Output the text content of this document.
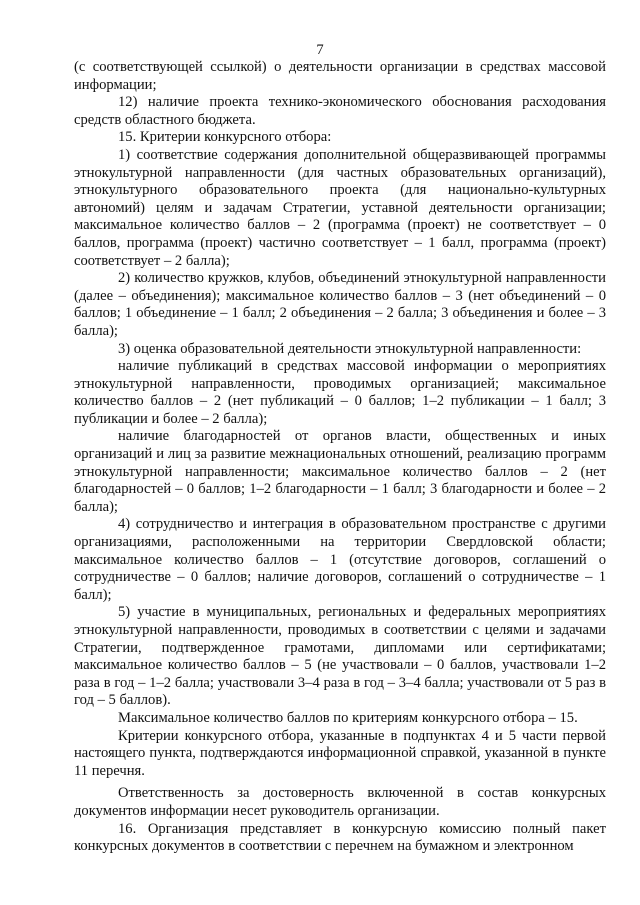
7

(с соответствующей ссылкой) о деятельности организации в средствах массовой информации;

12) наличие проекта технико-экономического обоснования расходования средств областного бюджета.

15. Критерии конкурсного отбора:

1) соответствие содержания дополнительной общеразвивающей программы этнокультурной направленности (для частных образовательных организаций), этнокультурного образовательного проекта (для национально-культурных автономий) целям и задачам Стратегии, уставной деятельности организации; максимальное количество баллов – 2 (программа (проект) не соответствует – 0 баллов, программа (проект) частично соответствует – 1 балл, программа (проект) соответствует – 2 балла);

2) количество кружков, клубов, объединений этнокультурной направленности (далее – объединения); максимальное количество баллов – 3 (нет объединений – 0 баллов; 1 объединение – 1 балл; 2 объединения – 2 балла; 3 объединения и более – 3 балла);

3) оценка образовательной деятельности этнокультурной направленности:

наличие публикаций в средствах массовой информации о мероприятиях этнокультурной направленности, проводимых организацией; максимальное количество баллов – 2 (нет публикаций – 0 баллов; 1–2 публикации – 1 балл; 3 публикации и более – 2 балла);

наличие благодарностей от органов власти, общественных и иных организаций и лиц за развитие межнациональных отношений, реализацию программ этнокультурной направленности; максимальное количество баллов – 2 (нет благодарностей – 0 баллов; 1–2 благодарности – 1 балл; 3 благодарности и более – 2 балла);

4) сотрудничество и интеграция в образовательном пространстве с другими организациями, расположенными на территории Свердловской области; максимальное количество баллов – 1 (отсутствие договоров, соглашений о сотрудничестве – 0 баллов; наличие договоров, соглашений о сотрудничестве – 1 балл);

5) участие в муниципальных, региональных и федеральных мероприятиях этнокультурной направленности, проводимых в соответствии с целями и задачами Стратегии, подтвержденное грамотами, дипломами или сертификатами; максимальное количество баллов – 5 (не участвовали – 0 баллов, участвовали 1–2 раза в год – 1–2 балла; участвовали 3–4 раза в год – 3–4 балла; участвовали от 5 раз в год – 5 баллов).

Максимальное количество баллов по критериям конкурсного отбора – 15.

Критерии конкурсного отбора, указанные в подпунктах 4 и 5 части первой настоящего пункта, подтверждаются информационной справкой, указанной в пункте 11 перечня.

Ответственность за достоверность включенной в состав конкурсных документов информации несет руководитель организации.

16. Организация представляет в конкурсную комиссию полный пакет конкурсных документов в соответствии с перечнем на бумажном и электронном
